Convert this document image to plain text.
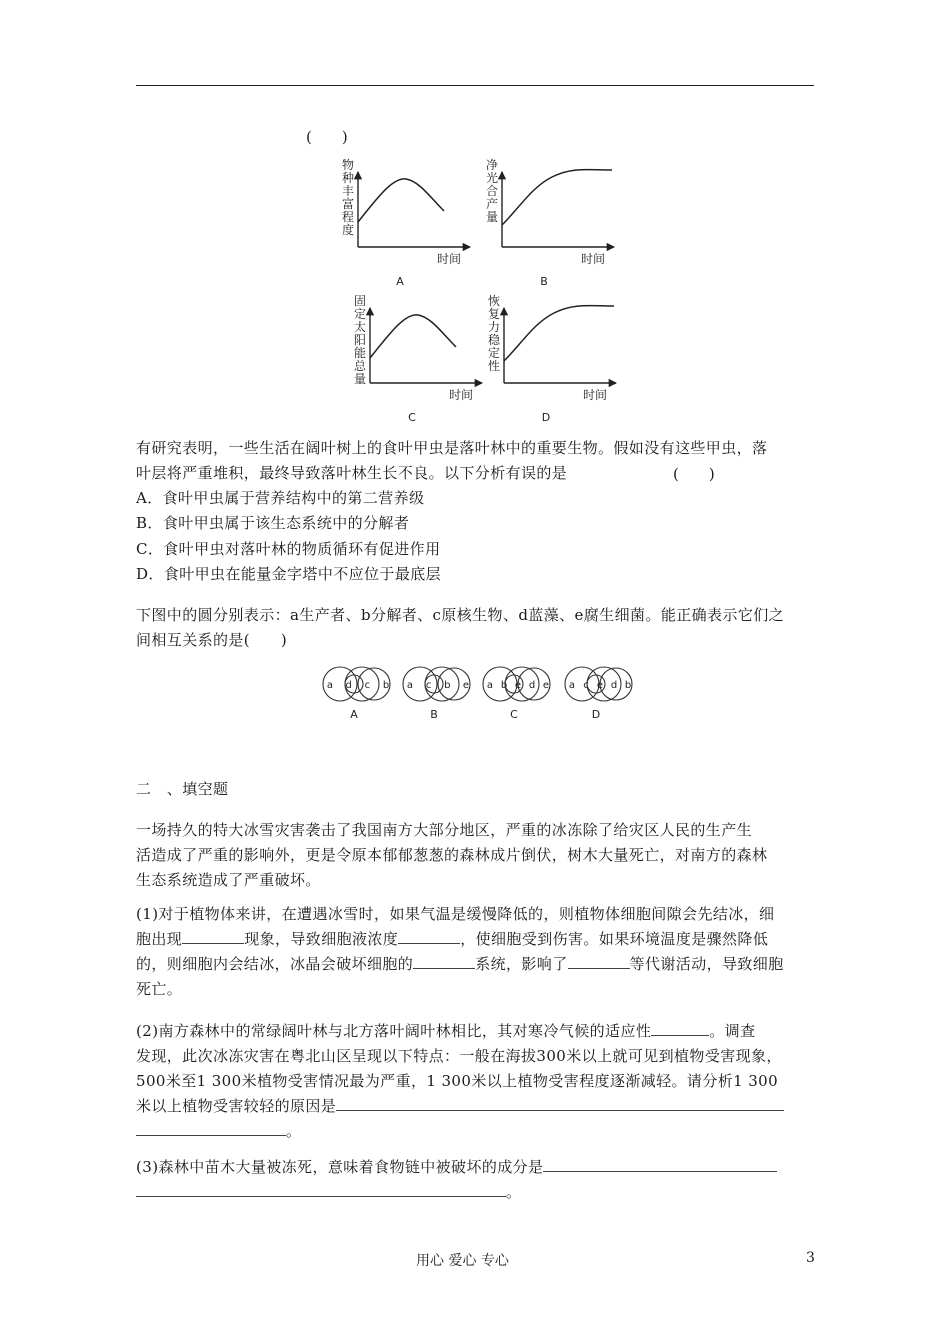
(　　)
物种丰富程度
时间
A
净光合产量
时间
B
固定太阳能总量
时间
C
恢复力稳定性
时间
D

有研究表明，一些生活在阔叶树上的食叶甲虫是落叶林中的重要生物。假如没有这些甲虫，落

叶层将严重堆积，最终导致落叶林生长不良。以下分析有误的是	(　　)
A．食叶甲虫属于营养结构中的第二营养级
B．食叶甲虫属于该生态系统中的分解者
C．食叶甲虫对落叶林的物质循环有促进作用
D．食叶甲虫在能量金字塔中不应位于最底层

下图中的圆分别表示：a生产者、b分解者、c原核生物、d蓝藻、e腐生细菌。能正确表示它们之

间相互关系的是(　　)

a d c b
A
a c b e
B
a b e d e
C
a c e d b
D
二　、填空题

一场持久的特大冰雪灾害袭击了我国南方大部分地区，严重的冰冻除了给灾区人民的生产生

活造成了严重的影响外，更是令原本郁郁葱葱的森林成片倒伏，树木大量死亡，对南方的森林

生态系统造成了严重破坏。

(1)对于植物体来讲，在遭遇冰雪时，如果气温是缓慢降低的，则植物体细胞间隙会先结冰，细

胞出现	现象，导致细胞液浓度	，使细胞受到伤害。如果环境温度是骤然降低

的，则细胞内会结冰，冰晶会破坏细胞的	系统，影响了	等代谢活动，导致细胞

死亡。

(2)南方森林中的常绿阔叶林与北方落叶阔叶林相比，其对寒冷气候的适应性	。调查

发现，此次冰冻灾害在粤北山区呈现以下特点：一般在海拔300米以上就可见到植物受害现象，

500米至1 300米植物受害情况最为严重，1 300米以上植物受害程度逐渐减轻。请分析1 300

米以上植物受害较轻的原因是

。

(3)森林中苗木大量被冻死，意味着食物链中被破坏的成分是

。

用心 爱心 专心	3
